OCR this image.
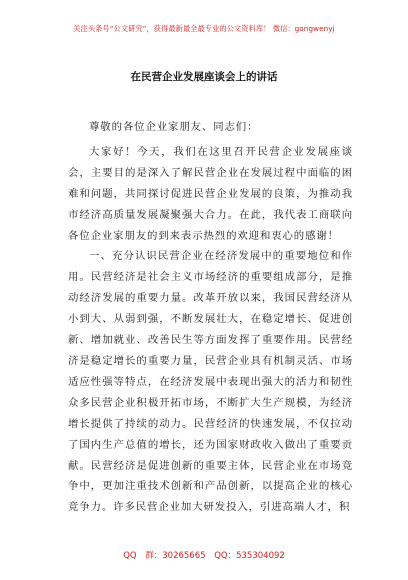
关注头条号“公文研究”，获得最新最全最专业的公文资料库！ 微信：gongwenyj
在民营企业发展座谈会上的讲话

尊敬的各位企业家朋友、同志们：

大家好！今天，我们在这里召开民营企业发展座谈会，主要目的是深入了解民营企业在发展过程中面临的困难和问题，共同探讨促进民营企业发展的良策，为推动我市经济高质量发展凝聚强大合力。在此，我代表工商联向各位企业家朋友的到来表示热烈的欢迎和衷心的感谢！

一、充分认识民营企业在经济发展中的重要地位和作用。民营经济是社会主义市场经济的重要组成部分，是推动经济发展的重要力量。改革开放以来，我国民营经济从小到大、从弱到强，不断发展壮大，在稳定增长、促进创新、增加就业、改善民生等方面发挥了重要作用。民营经济是稳定增长的重要力量，民营企业具有机制灵活、市场适应性强等特点，在经济发展中表现出强大的活力和韧性众多民营企业积极开拓市场，不断扩大生产规模，为经济增长提供了持续的动力。民营经济的快速发展，不仅拉动了国内生产总值的增长，还为国家财政收入做出了重要贡献。民营经济是促进创新的重要主体，民营企业在市场竞争中，更加注重技术创新和产品创新，以提高企业的核心竞争力。许多民营企业加大研发投入，引进高端人才，积

QQ 群：30265665 QQ：535304092
